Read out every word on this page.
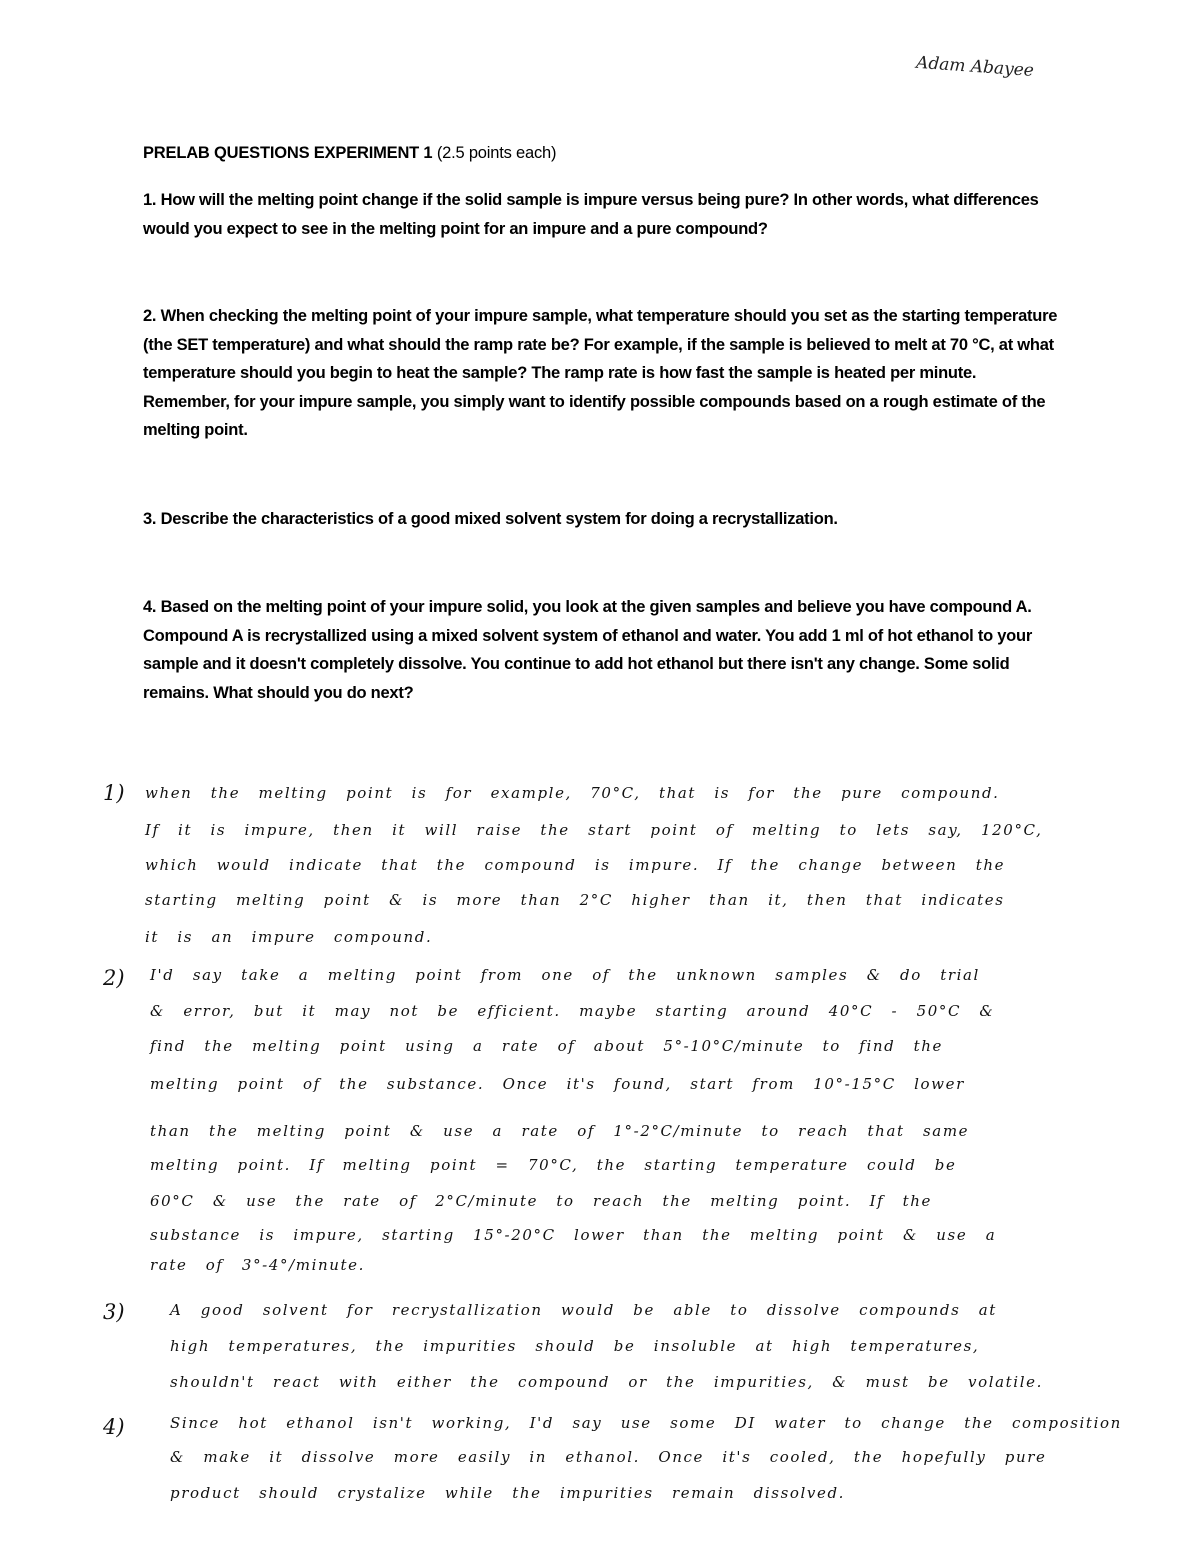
Adam Abayee
PRELAB QUESTIONS EXPERIMENT 1 (2.5 points each)
1. How will the melting point change if the solid sample is impure versus being pure? In other words, what differences would you expect to see in the melting point for an impure and a pure compound?
2. When checking the melting point of your impure sample, what temperature should you set as the starting temperature (the SET temperature) and what should the ramp rate be? For example, if the sample is believed to melt at 70 °C, at what temperature should you begin to heat the sample? The ramp rate is how fast the sample is heated per minute. Remember, for your impure sample, you simply want to identify possible compounds based on a rough estimate of the melting point.
3. Describe the characteristics of a good mixed solvent system for doing a recrystallization.
4. Based on the melting point of your impure solid, you look at the given samples and believe you have compound A. Compound A is recrystallized using a mixed solvent system of ethanol and water. You add 1 ml of hot ethanol to your sample and it doesn't completely dissolve. You continue to add hot ethanol but there isn't any change. Some solid remains. What should you do next?
1) when the melting point is for example, 70°C, that is for the pure compound.
If it is impure, then it will raise the start point of melting to lets say, 120°C,
which would indicate that the compound is impure. If the change between the
starting melting point & is more than 2°C higher than it, then that indicates
it is an impure compound.
2) I'd say take a melting point from one of the unknown samples & do trial
& error, but it may not be efficient. maybe starting around 40°C - 50°C &
find the melting point using a rate of about 5°-10°C/minute to find the
melting point of the substance. Once it's found, start from 10°-15°C lower
than the melting point & use a rate of 1°-2°C/minute to reach that same
melting point. If melting point = 70°C, the starting temperature could be
60°C & use the rate of 2°C/minute to reach the melting point. If the
substance is impure, starting 15°-20°C lower than the melting point & use a
rate of 3°-4°/minute.
3)	A good solvent for recrystallization would be able to dissolve compounds at
high temperatures, the impurities should be insoluble at high temperatures,
shouldn't react with either the compound or the impurities, & must be volatile.
4)	Since hot ethanol isn't working, I'd say use some DI water to change the composition
& make it dissolve more easily in ethanol. Once it's cooled, the hopefully pure
product should crystalize while the impurities remain dissolved.
